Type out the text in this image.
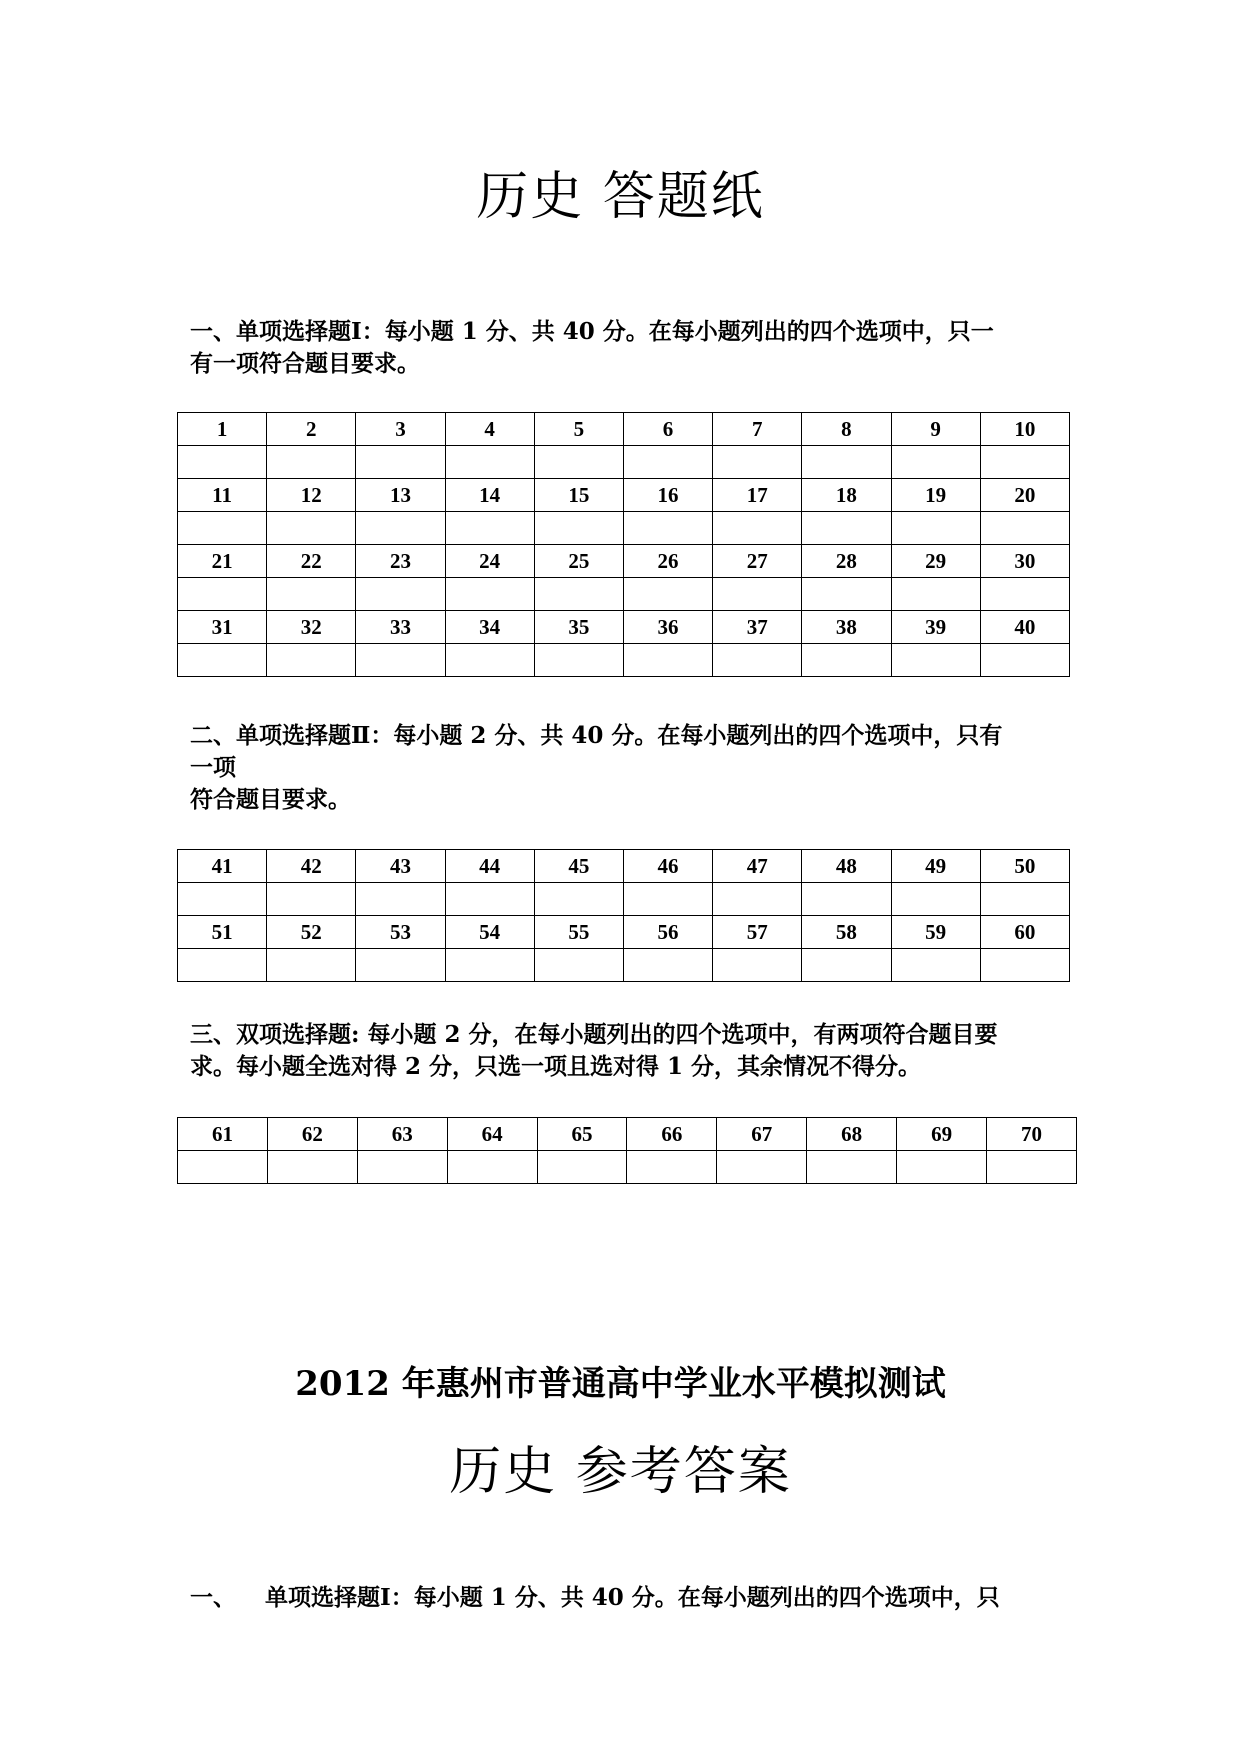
历史 答题纸
一、单项选择题Ⅰ：每小题 1 分、共 40 分。在每小题列出的四个选项中，只一
有一项符合题目要求。
1	2	3	4	5	6	7	8	9	10

11	12	13	14	15	16	17	18	19	20

21	22	23	24	25	26	27	28	29	30

31	32	33	34	35	36	37	38	39	40

二、单项选择题Ⅱ：每小题 2 分、共 40 分。在每小题列出的四个选项中，只有
一项
符合题目要求。
41	42	43	44	45	46	47	48	49	50

51	52	53	54	55	56	57	58	59	60

三、双项选择题: 每小题 2 分，在每小题列出的四个选项中，有两项符合题目要
求。每小题全选对得 2 分，只选一项且选对得 1 分，其余情况不得分。
61	62	63	64	65	66	67	68	69	70

2012 年惠州市普通高中学业水平模拟测试
历史 参考答案
一、 单项选择题Ⅰ：每小题 1 分、共 40 分。在每小题列出的四个选项中，只
